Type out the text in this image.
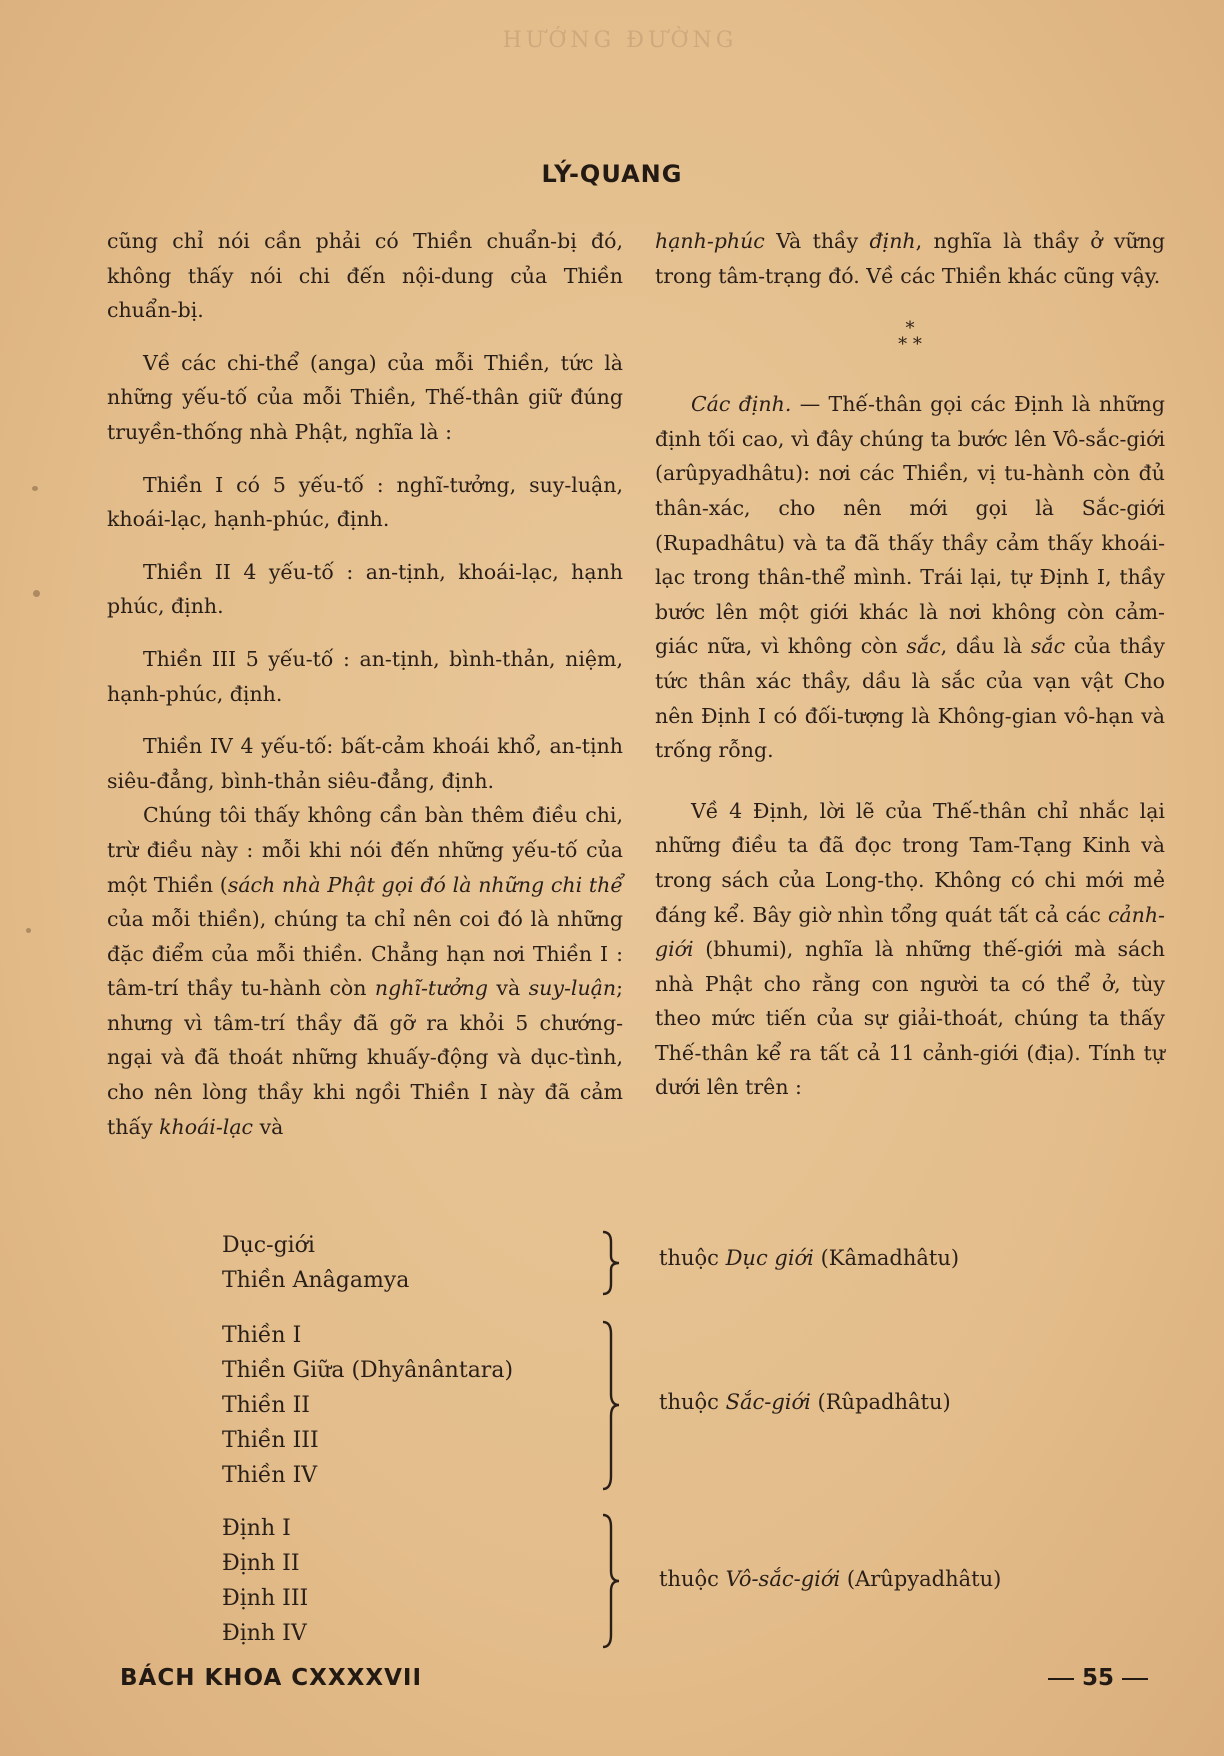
HƯỚNG ĐƯỜNG
LÝ-QUANG

cũng chỉ nói cần phải có Thiền chuẩn-bị đó, không thấy nói chi đến nội-dung của Thiền chuẩn-bị.

Về các chi-thể (anga) của mỗi Thiền, tức là những yếu-tố của mỗi Thiền, Thế-thân giữ đúng truyền-thống nhà Phật, nghĩa là :

Thiền I có 5 yếu-tố : nghĩ-tưởng, suy-luận, khoái-lạc, hạnh-phúc, định.

Thiền II 4 yếu-tố : an-tịnh, khoái-lạc, hạnh phúc, định.

Thiền III 5 yếu-tố : an-tịnh, bình-thản, niệm, hạnh-phúc, định.

Thiền IV 4 yếu-tố: bất-cảm khoái khổ, an-tịnh siêu-đẳng, bình-thản siêu-đẳng, định.

Chúng tôi thấy không cần bàn thêm điều chi, trừ điều này : mỗi khi nói đến những yếu-tố của một Thiền (sách nhà Phật gọi đó là những chi thể của mỗi thiền), chúng ta chỉ nên coi đó là những đặc điểm của mỗi thiền. Chẳng hạn nơi Thiền I : tâm-trí thầy tu-hành còn nghĩ-tưởng và suy-luận; nhưng vì tâm-trí thầy đã gỡ ra khỏi 5 chướng-ngại và đã thoát những khuấy-động và dục-tình, cho nên lòng thầy khi ngồi Thiền I này đã cảm thấy khoái-lạc và

hạnh-phúc Và thầy định, nghĩa là thầy ở vững trong tâm-trạng đó. Về các Thiền khác cũng vậy.

*
* *

Các định. — Thế-thân gọi các Định là những định tối cao, vì đây chúng ta bước lên Vô-sắc-giới (arûpyadhâtu): nơi các Thiền, vị tu-hành còn đủ thân-xác, cho nên mới gọi là Sắc-giới (Rupadhâtu) và ta đã thấy thầy cảm thấy khoái-lạc trong thân-thể mình. Trái lại, tự Định I, thầy bước lên một giới khác là nơi không còn cảm-giác nữa, vì không còn sắc, dầu là sắc của thầy tức thân xác thầy, dầu là sắc của vạn vật Cho nên Định I có đối-tượng là Không-gian vô-hạn và trống rỗng.

Về 4 Định, lời lẽ của Thế-thân chỉ nhắc lại những điều ta đã đọc trong Tam-Tạng Kinh và trong sách của Long-thọ. Không có chi mới mẻ đáng kể. Bây giờ nhìn tổng quát tất cả các cảnh-giới (bhumi), nghĩa là những thế-giới mà sách nhà Phật cho rằng con người ta có thể ở, tùy theo mức tiến của sự giải-thoát, chúng ta thấy Thế-thân kể ra tất cả 11 cảnh-giới (địa). Tính tự dưới lên trên :

Dục-giới
Thiền Anâgamya
thuộc Dục giới (Kâmadhâtu)
Thiền I
Thiền Giữa (Dhyânântara)
Thiền II
Thiền III
Thiền IV
thuộc Sắc-giới (Rûpadhâtu)
Định I
Định II
Định III
Định IV
thuộc Vô-sắc-giới (Arûpyadhâtu)
BÁCH KHOA CXXXXVII	55
